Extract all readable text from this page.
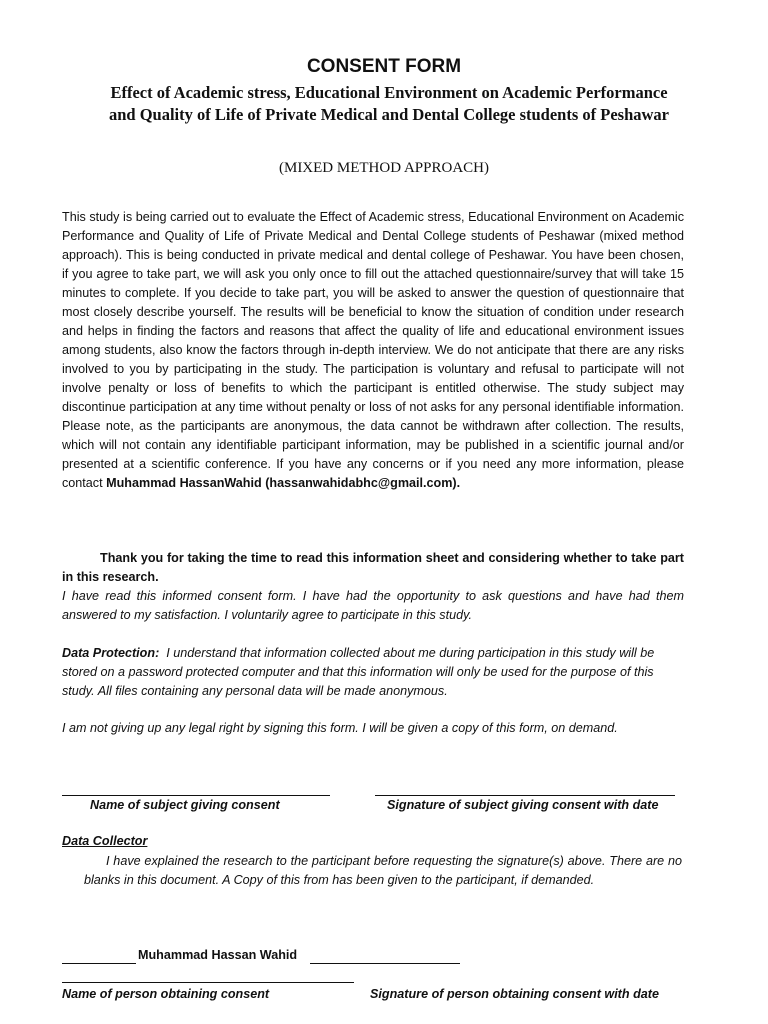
CONSENT FORM
Effect of Academic stress, Educational Environment on Academic Performance and Quality of Life of Private Medical and Dental College students of Peshawar
(MIXED METHOD APPROACH)

This study is being carried out to evaluate the Effect of Academic stress, Educational Environment on Academic Performance and Quality of Life of Private Medical and Dental College students of Peshawar (mixed method approach). This is being conducted in private medical and dental college of Peshawar. You have been chosen, if you agree to take part, we will ask you only once to fill out the attached questionnaire/survey that will take 15 minutes to complete. If you decide to take part, you will be asked to answer the question of questionnaire that most closely describe yourself. The results will be beneficial to know the situation of condition under research and helps in finding the factors and reasons that affect the quality of life and educational environment issues among students, also know the factors through in-depth interview. We do not anticipate that there are any risks involved to you by participating in the study. The participation is voluntary and refusal to participate will not involve penalty or loss of benefits to which the participant is entitled otherwise. The study subject may discontinue participation at any time without penalty or loss of not asks for any personal identifiable information. Please note, as the participants are anonymous, the data cannot be withdrawn after collection. The results, which will not contain any identifiable participant information, may be published in a scientific journal and/or presented at a scientific conference. If you have any concerns or if you need any more information, please contact Muhammad HassanWahid (hassanwahidabhc@gmail.com).

Thank you for taking the time to read this information sheet and considering whether to take part in this research.

I have read this informed consent form. I have had the opportunity to ask questions and have had them answered to my satisfaction. I voluntarily agree to participate in this study.

Data Protection: I understand that information collected about me during participation in this study will be stored on a password protected computer and that this information will only be used for the purpose of this study. All files containing any personal data will be made anonymous.

I am not giving up any legal right by signing this form. I will be given a copy of this form, on demand.

Name of subject giving consent	Signature of subject giving consent with date
Data Collector

I have explained the research to the participant before requesting the signature(s) above. There are no blanks in this document. A Copy of this from has been given to the participant, if demanded.

Muhammad Hassan Wahid
Name of person obtaining consent	Signature of person obtaining consent with date
